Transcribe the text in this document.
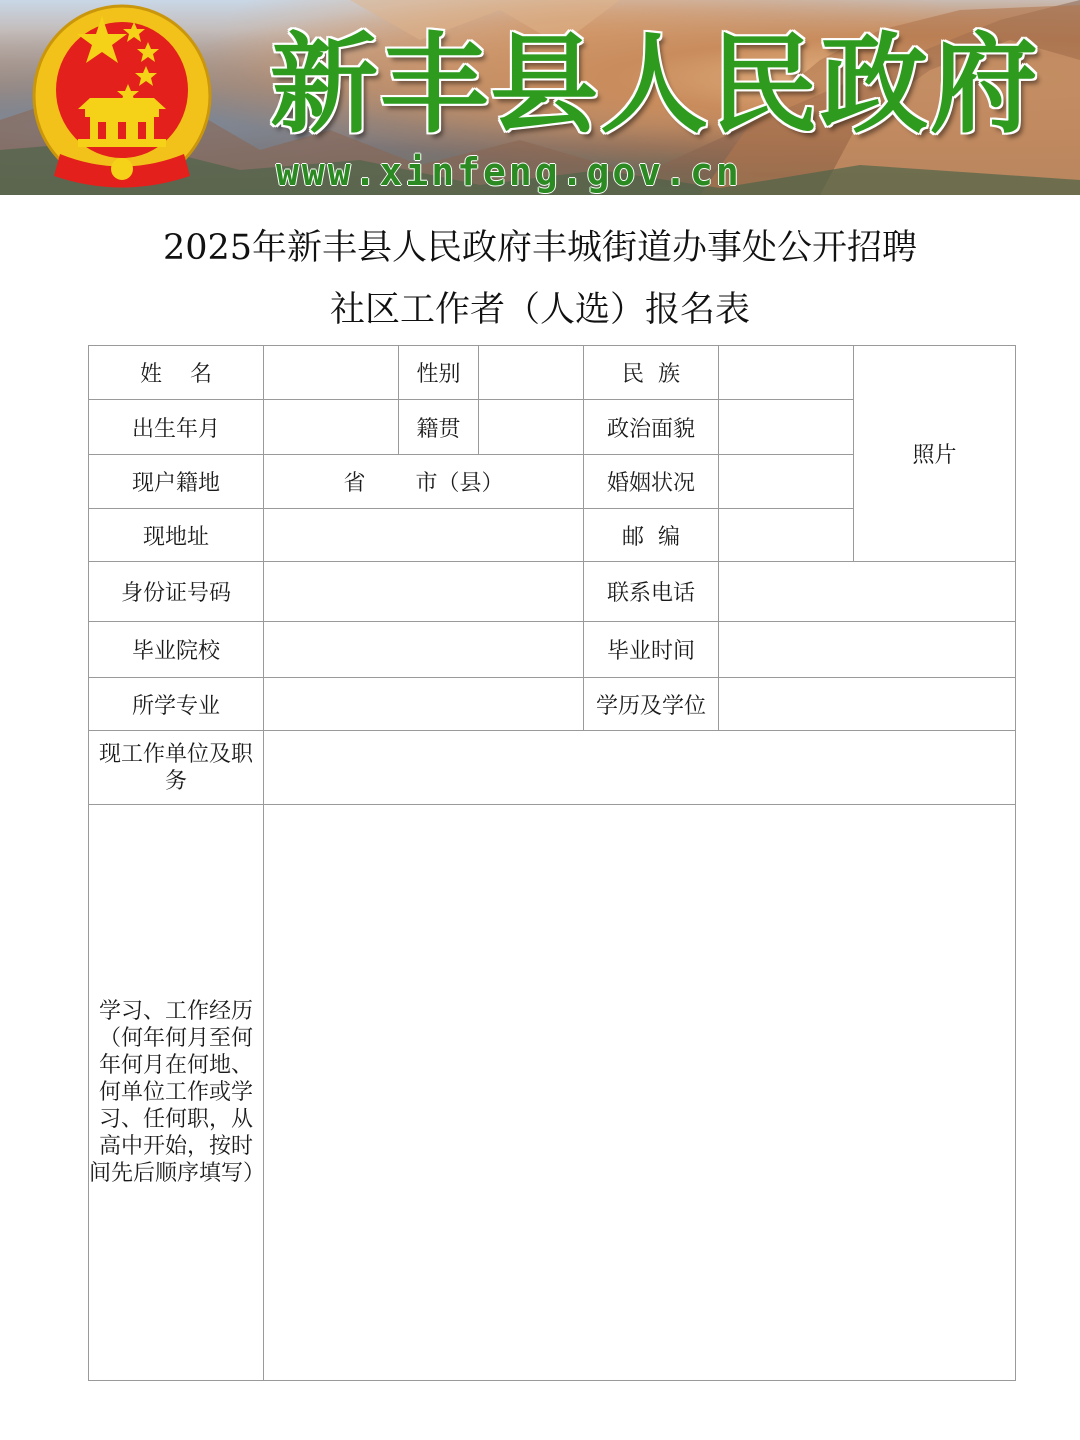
新丰县人民政府
www.xinfeng.gov.cn
2025年新丰县人民政府丰城街道办事处公开招聘
社区工作者（人选）报名表
姓    名		性别		民  族		照片
出生年月		籍贯		政治面貌		
现户籍地	省 市（县）			婚姻状况		
现地址				邮  编		
身份证号码				联系电话		
毕业院校				毕业时间		
所学专业				学历及学位		
现工作单位及职务						
学习、工作经历（何年何月至何年何月在何地、何单位工作或学习、任何职，从高中开始，按时间先后顺序填写）						
